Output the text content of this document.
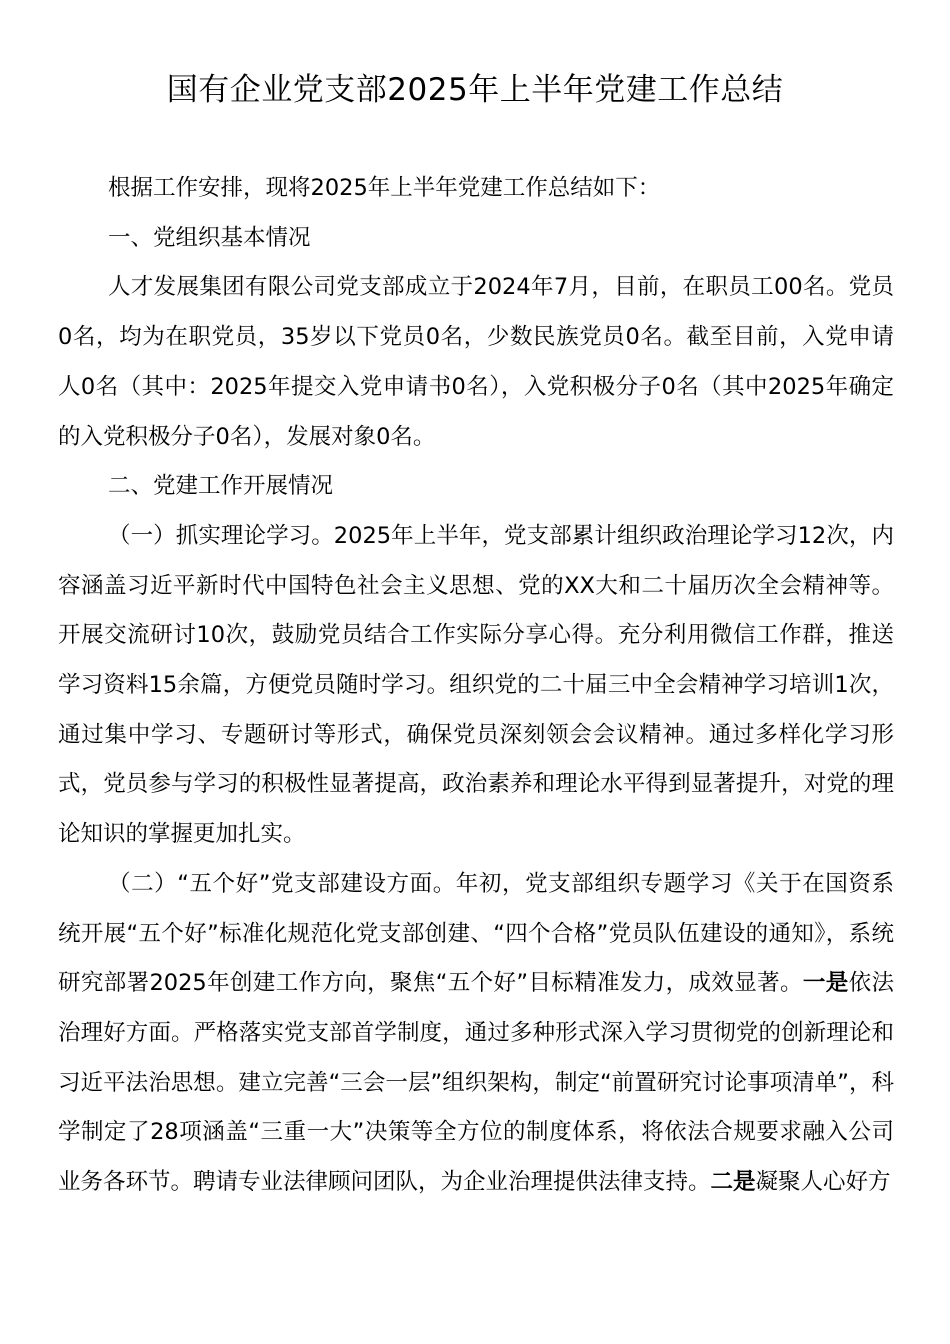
国有企业党支部2025年上半年党建工作总结

根据工作安排，现将2025年上半年党建工作总结如下：

一、党组织基本情况

人才发展集团有限公司党支部成立于2024年7月，目前，在职员工00名。党员0名，均为在职党员，35岁以下党员0名，少数民族党员0名。截至目前，入党申请人0名（其中：2025年提交入党申请书0名），入党积极分子0名（其中2025年确定的入党积极分子0名），发展对象0名。

二、党建工作开展情况

（一）抓实理论学习。2025年上半年，党支部累计组织政治理论学习12次，内容涵盖习近平新时代中国特色社会主义思想、党的XX大和二十届历次全会精神等。开展交流研讨10次，鼓励党员结合工作实际分享心得。充分利用微信工作群，推送学习资料15余篇，方便党员随时学习。组织党的二十届三中全会精神学习培训1次，通过集中学习、专题研讨等形式，确保党员深刻领会会议精神。通过多样化学习形式，党员参与学习的积极性显著提高，政治素养和理论水平得到显著提升，对党的理论知识的掌握更加扎实。

（二）“五个好”党支部建设方面。年初，党支部组织专题学习《关于在国资系统开展“五个好”标准化规范化党支部创建、“四个合格”党员队伍建设的通知》，系统研究部署2025年创建工作方向，聚焦“五个好”目标精准发力，成效显著。一是依法治理好方面。严格落实党支部首学制度，通过多种形式深入学习贯彻党的创新理论和习近平法治思想。建立完善“三会一层”组织架构，制定“前置研究讨论事项清单”，科学制定了28项涵盖“三重一大”决策等全方位的制度体系，将依法合规要求融入公司业务各环节。聘请专业法律顾问团队，为企业治理提供法律支持。二是凝聚人心好方
